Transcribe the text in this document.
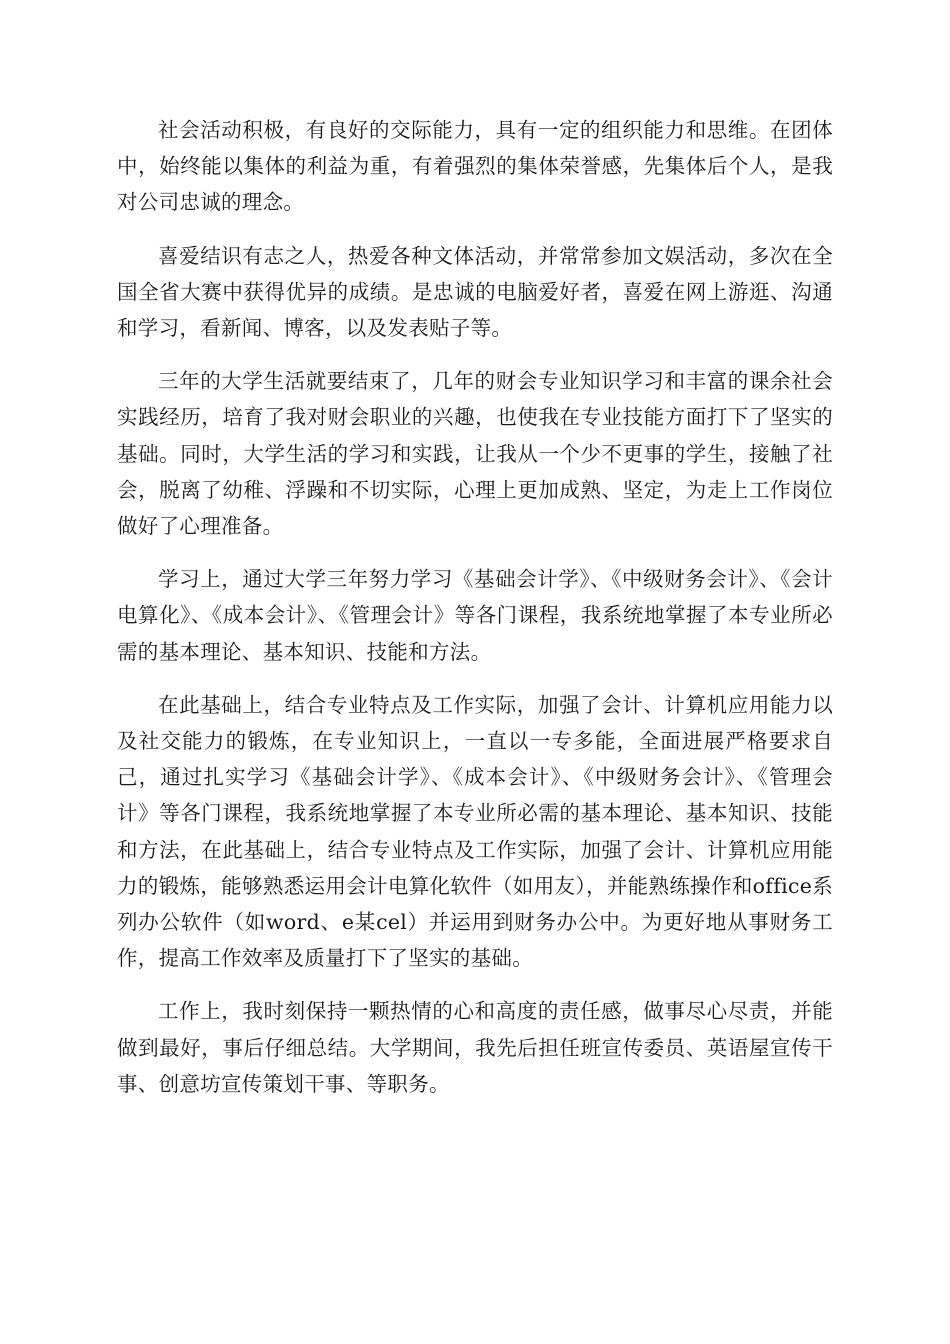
社会活动积极，有良好的交际能力，具有一定的组织能力和思维。在团体中，始终能以集体的利益为重，有着强烈的集体荣誉感，先集体后个人，是我对公司忠诚的理念。

喜爱结识有志之人，热爱各种文体活动，并常常参加文娱活动，多次在全国全省大赛中获得优异的成绩。是忠诚的电脑爱好者，喜爱在网上游逛、沟通和学习，看新闻、博客，以及发表贴子等。

三年的大学生活就要结束了，几年的财会专业知识学习和丰富的课余社会实践经历，培育了我对财会职业的兴趣，也使我在专业技能方面打下了坚实的基础。同时，大学生活的学习和实践，让我从一个少不更事的学生，接触了社会，脱离了幼稚、浮躁和不切实际，心理上更加成熟、坚定，为走上工作岗位做好了心理准备。

学习上，通过大学三年努力学习《基础会计学》、《中级财务会计》、《会计电算化》、《成本会计》、《管理会计》等各门课程，我系统地掌握了本专业所必需的基本理论、基本知识、技能和方法。

在此基础上，结合专业特点及工作实际，加强了会计、计算机应用能力以及社交能力的锻炼，在专业知识上，一直以一专多能，全面进展严格要求自己，通过扎实学习《基础会计学》、《成本会计》、《中级财务会计》、《管理会计》等各门课程，我系统地掌握了本专业所必需的基本理论、基本知识、技能和方法，在此基础上，结合专业特点及工作实际，加强了会计、计算机应用能力的锻炼，能够熟悉运用会计电算化软件（如用友），并能熟练操作和office系列办公软件（如word、e某cel）并运用到财务办公中。为更好地从事财务工作，提高工作效率及质量打下了坚实的基础。

工作上，我时刻保持一颗热情的心和高度的责任感，做事尽心尽责，并能做到最好，事后仔细总结。大学期间，我先后担任班宣传委员、英语屋宣传干事、创意坊宣传策划干事、等职务。
